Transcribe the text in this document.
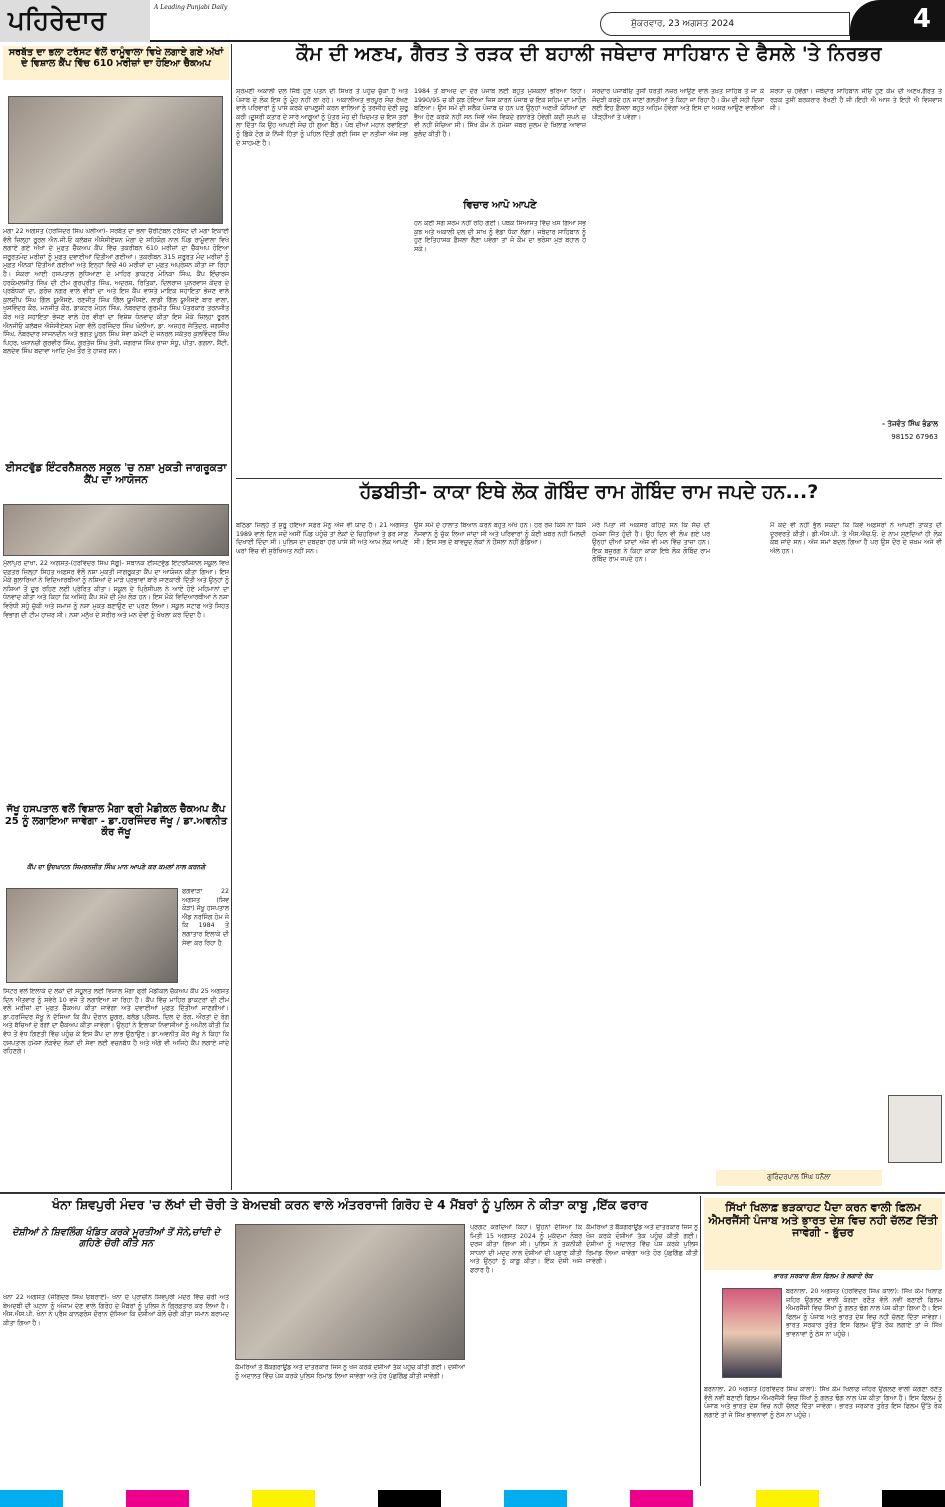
ਪਹਿਰੇਦਾਰ	A Leading Punjabi Daily
ਸ਼ੁੱਕਰਵਾਰ, 23 ਅਗਸਤ 2024	4
ਸਰਬੱਤ ਦਾ ਭਲਾ ਟਰੱਸਟ ਵੱਲੋਂ ਰਾਮੂੰਵਾਲਾ ਵਿਖੇ ਲਗਾਏ ਗਏ ਅੱਖਾਂ ਦੇ ਵਿਸ਼ਾਲ ਕੈਂਪ ਵਿੱਚ 610 ਮਰੀਜ਼ਾਂ ਦਾ ਹੋਇਆ ਚੈੱਕਅਪ
ਮੋਗਾ 22 ਅਗਸਤ (ਹਰਜਿੰਦਰ ਸਿੰਘ ਘੋਲੀਆ)- ਸਰਬੱਤ ਦਾ ਭਲਾ ਚੈਰੀਟੇਬਲ ਟਰੱਸਟ ਦੀ ਮੋਗਾ ਇਕਾਈ ਵੱਲੋਂ ਜ਼ਿਲ੍ਹਾ ਰੂਰਲ ਐਨ.ਜੀ.ਓ ਕਲੱਬਜ਼ ਐਸੋਸੀਏਸ਼ਨ ਮੋਗਾ ਦੇ ਸਹਿਯੋਗ ਨਾਲ ਪਿੰਡ ਰਾਮੂੰਵਾਲਾ ਵਿਖੇ ਲਗਾਏ ਗਏ ਅੱਖਾਂ ਦੇ ਮੁਫ਼ਤ ਚੈੱਕਅਪ ਕੈਂਪ ਵਿੱਚ ਤਕਰੀਬਨ 610 ਮਰੀਜ਼ਾਂ ਦਾ ਚੈੱਕਅਪ ਹੋਇਆ ਜ਼ਰੂਰਤਮੰਦ ਮਰੀਜ਼ਾਂ ਨੂੰ ਮੁਫ਼ਤ ਦਵਾਈਆਂ ਦਿੱਤੀਆਂ ਗਈਆਂ। ਤਕਰੀਬਨ 315 ਜ਼ਰੂਰਤ ਮੰਦ ਮਰੀਜ਼ਾਂ ਨੂੰ ਮੁਫ਼ਤ ਐਨਕਾਂ ਦਿੱਤੀਆਂ ਗਈਆਂ ਅਤੇ ਇਨ੍ਹਾਂ ਵਿਚੋਂ 40 ਮਰੀਜ਼ਾਂ ਦਾ ਮੁਫ਼ਤ ਅਪ੍ਰੇਸ਼ਨ ਕੀਤਾ ਜਾ ਰਿਹਾ ਹੈ। ਸ਼ੰਕਰਾ ਆਈ ਹਸਪਤਾਲ ਲੁਧਿਆਣਾ ਦੇ ਮਾਹਿਰ ਡਾਕਟਰ ਮੋਨਿਕਾ ਸਿੰਘ, ਕੈਂਪ ਇੰਚਾਰਜ ਹਰਕੰਮਲਜੀਤ ਸਿੰਘ ਦੀ ਟੀਮ ਗੁਰਪ੍ਰੀਤ ਸਿੰਘ, ਅਦਰਸ਼, ਰਿਤਿਕਾ, ਦਿਲਰਾਜ ਪੁਨਰਵਾਸ ਕੇਂਦਰ ਦੇ ਪ੍ਰਬੰਧਕਾਂ ਦਾ, ਫ਼ਰੋਜ਼ ਨਗਰ ਵਾਲੇ ਵੀਰਾਂ ਦਾ ਅਤੇ ਇਸ ਕੈਂਪ ਵਾਸਤੇ ਮਾਇਕ ਸਹਾਇਤਾ ਭੇਜਣ ਵਾਲੇ ਕੁਲਦੀਪ ਸਿੰਘ ਗਿੱਲ ਯੂਐਸਏ, ਰਣਜੀਤ ਸਿੰਘ ਗਿੱਲ ਯੂਐਸਏ, ਲਾਡੀ ਗਿੱਲ ਯੂਐਸਏ ਬਾਰ ਵਾਲਾ, ਖੁਸ਼ਵਿੰਦਰ ਕੌਰ, ਮਨਜੀਤ ਕੌਰ, ਡਾਕਟਰ ਮੋਹਨ ਸਿੰਘ, ਨੰਬਰਦਾਰ ਗੁਰਮੀਤ ਸਿੰਘ ਪੱਤਰਕਾਰ ਤਰਨਜੀਤ ਕੌਰ ਅਤੇ ਸਹਾਇਤਾ ਭੇਜਣ ਵਾਲੇ ਹੋਰ ਵੀਰਾਂ ਦਾ ਵਿਸ਼ੇਸ਼ ਧੰਨਵਾਦ ਕੀਤਾ ਇਸ ਮੌਕੇ ਜ਼ਿਲ੍ਹਾ ਰੂਰਲ ਐਨਜੀਓ ਕਲੱਬਜ਼ ਐਸੋਸੀਏਸ਼ਨ ਮੋਗਾ ਵੱਲੋਂ ਹਰਜਿੰਦਰ ਸਿੰਘ ਘੋਲੀਆ, ਡਾ. ਅਜ਼ਹਰ ਜੱਤਿੰਦਰ, ਜਗਸੀਰ ਸਿੰਘ, ਨੰਬਰਦਾਰ ਸਾਜਨਦੀਨ ਅਤੇ ਭਗਤ ਪੂਰਨ ਸਿੰਘ ਸੇਵਾ ਕਮੇਟੀ ਦੇ ਜਨਰਲ ਸਕੱਤਰ ਕੁਲਵਿੰਦਰ ਸਿੰਘ ਪਿਹਰ, ਖਜ਼ਾਨਚੀ ਗੁਰਵੀਰ ਸਿੰਘ, ਗੁਰਤੇਜ ਸਿੰਘ ਤੇਜੀ, ਜਗਰਾਜ ਸਿੰਘ ਰਾਜਾ ਸੰਧੂ, ਪੀਤਾ, ਗਗਨਾ, ਸ਼ੈਂਟੀ, ਬਲਦੇਵ ਸਿੰਘ ਬਦਾਵਾ ਆਦਿ ਮੁੱਖ ਤੌਰ ਤੇ ਹਾਜ਼ਰ ਸਨ।
ਈਸਟਵੁੱਡ ਇੰਟਰਨੈਸ਼ਨਲ ਸਕੂਲ 'ਚ ਨਸ਼ਾ ਮੁਕਤੀ ਜਾਗਰੂਕਤਾ ਕੈਂਪ ਦਾ ਆਯੋਜਨ
ਮੁੱਲਾਂਪੁਰ ਦਾਖਾ, 22 ਅਗਸਤ-(ਹਰਵਿੰਦਰ ਸਿੰਘ ਸੱਗੂ)- ਸਥਾਨਕ ਈਸਟਵੁੱਡ ਇੰਟਰਨੈਸ਼ਨਲ ਸਕੂਲ ਵਿਖੇ ਦਫ਼ਤਰ ਜ਼ਿਲ੍ਹਾ ਸਿਹਤ ਅਫ਼ਸਰ ਵੱਲੋਂ ਨਸ਼ਾ ਮੁਕਤੀ ਜਾਗਰੂਕਤਾ ਕੈਂਪ ਦਾ ਆਯੋਜਨ ਕੀਤਾ ਗਿਆ। ਇਸ ਮੌਕੇ ਬੁਲਾਰਿਆਂ ਨੇ ਵਿਦਿਆਰਥੀਆਂ ਨੂੰ ਨਸ਼ਿਆਂ ਦੇ ਮਾੜੇ ਪ੍ਰਭਾਵਾਂ ਬਾਰੇ ਜਾਣਕਾਰੀ ਦਿੱਤੀ ਅਤੇ ਉਨ੍ਹਾਂ ਨੂੰ ਨਸ਼ਿਆਂ ਤੋਂ ਦੂਰ ਰਹਿਣ ਲਈ ਪ੍ਰੇਰਿਤ ਕੀਤਾ। ਸਕੂਲ ਦੇ ਪ੍ਰਿੰਸੀਪਲ ਨੇ ਆਏ ਹੋਏ ਮਹਿਮਾਨਾਂ ਦਾ ਧੰਨਵਾਦ ਕੀਤਾ ਅਤੇ ਕਿਹਾ ਕਿ ਅਜਿਹੇ ਕੈਂਪ ਸਮੇਂ ਦੀ ਮੁੱਖ ਲੋੜ ਹਨ। ਇਸ ਮੌਕੇ ਵਿਦਿਆਰਥੀਆਂ ਨੇ ਨਸ਼ਾ ਵਿਰੋਧੀ ਸਹੁੰ ਚੁੱਕੀ ਅਤੇ ਸਮਾਜ ਨੂੰ ਨਸ਼ਾ ਮੁਕਤ ਬਣਾਉਣ ਦਾ ਪ੍ਰਣ ਲਿਆ। ਸਕੂਲ ਸਟਾਫ ਅਤੇ ਸਿਹਤ ਵਿਭਾਗ ਦੀ ਟੀਮ ਹਾਜ਼ਰ ਸੀ। ਨਸ਼ਾ ਮਨੁੱਖ ਦੇ ਸਰੀਰ ਅਤੇ ਮਨ ਦੋਵਾਂ ਨੂੰ ਖੋਖਲਾ ਕਰ ਦਿੰਦਾ ਹੈ।
ਜੱਖੂ ਹਸਪਤਾਲ ਵਲੋਂ ਵਿਸ਼ਾਲ ਮੈਗਾ ਫ੍ਰੀ ਮੈਡੀਕਲ ਚੈੱਕਅਪ ਕੈਂਪ 25 ਨੂੰ ਲਗਾਇਆ ਜਾਵੇਗਾ - ਡਾ.ਹਰਜਿੰਦਰ ਜੱਖੂ / ਡਾ.ਅਵਨੀਤ ਕੌਰ ਜੱਖੂ
ਕੈਂਪ ਦਾ ਉਦਘਾਟਨ ਸਿਮਰਨਜੀਤ ਸਿੰਘ ਮਾਨ ਆਪਣੇ ਕਰ ਕਮਲਾਂ ਨਾਲ ਕਰਨਗੇ
ਫਗਵਾੜਾ 22 ਅਗਸਤ (ਸ਼ਿਵ ਕੋੜਾ) ਜੱਖੂ ਹਸਪਤਾਲ ਐਂਡ ਨਰਸਿੰਗ ਹੋਮ ਜੋ ਕਿ 1984 ਤੋਂ ਲਗਾਤਾਰ ਇਲਾਕੇ ਦੀ ਸੇਵਾ ਕਰ ਰਿਹਾ ਹੈ
ਸਿਟਰ ਵਲੋਂ ਇਲਾਕੇ ਦੇ ਲੋਕਾਂ ਦੀ ਸਹੂਲਤ ਲਈ ਵਿਸ਼ਾਲ ਮੈਗਾ ਫ੍ਰੀ ਮੈਡੀਕਲ ਚੈੱਕਅਪ ਕੈਂਪ 25 ਅਗਸਤ ਦਿਨ ਐਤਵਾਰ ਨੂੰ ਸਵੇਰੇ 10 ਵਜੇ ਤੋਂ ਲਗਾਇਆ ਜਾ ਰਿਹਾ ਹੈ। ਕੈਂਪ ਵਿੱਚ ਮਾਹਿਰ ਡਾਕਟਰਾਂ ਦੀ ਟੀਮ ਵਲੋਂ ਮਰੀਜ਼ਾਂ ਦਾ ਮੁਫ਼ਤ ਚੈੱਕਅਪ ਕੀਤਾ ਜਾਵੇਗਾ ਅਤੇ ਦਵਾਈਆਂ ਮੁਫ਼ਤ ਦਿੱਤੀਆਂ ਜਾਣਗੀਆਂ। ਡਾ.ਹਰਜਿੰਦਰ ਜੱਖੂ ਨੇ ਦੱਸਿਆ ਕਿ ਕੈਂਪ ਦੌਰਾਨ ਸ਼ੂਗਰ, ਬਲੱਡ ਪ੍ਰੈਸ਼ਰ, ਦਿਲ ਦੇ ਰੋਗ, ਔਰਤਾਂ ਦੇ ਰੋਗ ਅਤੇ ਬੱਚਿਆਂ ਦੇ ਰੋਗਾਂ ਦਾ ਚੈੱਕਅਪ ਕੀਤਾ ਜਾਵੇਗਾ। ਉਨ੍ਹਾਂ ਨੇ ਇਲਾਕਾ ਨਿਵਾਸੀਆਂ ਨੂੰ ਅਪੀਲ ਕੀਤੀ ਕਿ ਵੱਧ ਤੋਂ ਵੱਧ ਗਿਣਤੀ ਵਿੱਚ ਪਹੁੰਚ ਕੇ ਇਸ ਕੈਂਪ ਦਾ ਲਾਭ ਉਠਾਉਣ। ਡਾ.ਅਵਨੀਤ ਕੌਰ ਜੱਖੂ ਨੇ ਕਿਹਾ ਕਿ ਹਸਪਤਾਲ ਹਮੇਸ਼ਾ ਲੋੜਵੰਦ ਲੋਕਾਂ ਦੀ ਸੇਵਾ ਲਈ ਵਚਨਬੱਧ ਹੈ ਅਤੇ ਅੱਗੇ ਵੀ ਅਜਿਹੇ ਕੈਂਪ ਲਗਾਏ ਜਾਂਦੇ ਰਹਿਣਗੇ।
ਕੌਮ ਦੀ ਅਣਖ, ਗੈਰਤ ਤੇ ਰੜਕ ਦੀ ਬਹਾਲੀ ਜਥੇਦਾਰ ਸਾਹਿਬਾਨ ਦੇ ਫੈਸਲੇ 'ਤੇ ਨਿਰਭਰ
ਸ਼੍ਰੋਮਣੀ ਅਕਾਲੀ ਦਲ ਜਿੱਥੇ ਹੁਣ ਪਤਨ ਦੀ ਸਿਖਰ ਤੇ ਪਹੁੰਚ ਚੁੱਕਾ ਹੈ ਅਤੇ ਪੰਜਾਬ ਦੇ ਲੋਕ ਇਸ ਨੂੰ ਮੂੰਹ ਨਹੀਂ ਲਾ ਰਹੇ। ਅਕਾਲੀਅਤ ਭਰਪੂਰ ਸੋਚ ਰੱਖਣ ਵਾਲੇ ਪਰਿਵਾਰਾਂ ਨੂੰ ਪਾਸੇ ਕਰਕੇ ਚਾਪਲੂਸੀ ਕਰਨ ਵਾਲਿਆਂ ਨੂੰ ਤਰਜੀਹ ਦੇਣੀ ਸ਼ੁਰੂ ਕਰੀ।ਦੂਸਰੀ ਕਤਾਰ ਦੇ ਸਾਰੇ ਆਗੂਆਂ ਨੂੰ ਪੁੱਤਰ ਮੋਹ ਦੀ ਖ਼ਿਦਮਤ ਚ ਇਸ ਤਰਾਂ ਲਾ ਦਿੱਤਾ ਕਿ ਉਹ ਆਪਣੀ ਸੋਚ ਹੀ ਗੁਆ ਬੈਠੇ। ਪੰਥ ਦੀਆਂ ਮਹਾਨ ਰਵਾਇਤਾਂ ਨੂੰ ਛਿੱਕੇ ਟੰਗ ਕੇ ਨਿੱਜੀ ਹਿੱਤਾਂ ਨੂੰ ਪਹਿਲ ਦਿੱਤੀ ਗਈ ਜਿਸ ਦਾ ਨਤੀਜਾ ਅੱਜ ਸਭ ਦੇ ਸਾਹਮਣੇ ਹੈ।
1984 ਤੋਂ ਬਾਅਦ ਦਾ ਦੌਰ ਪੰਜਾਬ ਲਈ ਬਹੁਤ ਮੁਸ਼ਕਲਾਂ ਭਰਿਆ ਰਿਹਾ। 1990/95 ਚ ਕੀ ਕੁਝ ਹੋਇਆ ਜਿਸ ਕਾਰਨ ਪੰਜਾਬ ਚ ਇਕ ਸਹਿਮ ਦਾ ਮਾਹੌਲ ਬਣਿਆ। ਉਸ ਸਮੇਂ ਦੀ ਸਲੈਕ ਪੰਜਾਬ ਚ ਹਨ ਪਰ ਉਨ੍ਹਾਂ ਅਣਖੀ ਯੋਧਿਆਂ ਦਾ ਭੈਅ ਹੋਣ ਕਰਕੇ ਨਹੀਂ ਸਨ ਜਿਵੇਂ ਅੱਜ ਵਿਕਦੇ ਗਨਾਰੇਤੇ ਹੋਵੇਗੀ ਕਦੀ ਸੁਪਨੇ ਚ ਵੀ ਨਹੀਂ ਸੋਚਿਆ ਸੀ। ਸਿੱਖ ਕੌਮ ਨੇ ਹਮੇਸ਼ਾ ਜਬਰ ਜ਼ੁਲਮ ਦੇ ਖ਼ਿਲਾਫ਼ ਆਵਾਜ਼ ਬੁਲੰਦ ਕੀਤੀ ਹੈ।
ਵਿਚਾਰ ਆਪੋ ਆਪਣੇ
ਹਨ ਕੋਈ ਸੰਗ ਸ਼ਰਮ ਨਹੀਂ ਰਹਿ ਗਈ। ਪੰਥਕ ਸਿਆਸਤ ਵਿੱਚ ਖਸ ਗਿਆ ਸਭ ਕੁਝ ਅਤੇ ਅਕਾਲੀ ਦਲ ਦੀ ਸਾਖ ਨੂੰ ਵੱਡਾ ਧੱਕਾ ਲੱਗਾ। ਜਥੇਦਾਰ ਸਾਹਿਬਾਨ ਨੂੰ ਹੁਣ ਇਤਿਹਾਸਕ ਫ਼ੈਸਲਾ ਲੈਣਾ ਪਵੇਗਾ ਤਾਂ ਜੋ ਕੌਮ ਦਾ ਭਰੋਸਾ ਮੁੜ ਬਹਾਲ ਹੋ ਸਕੇ।
ਸਰਦਾਰ ਪੰਜਾਬੀਓ ਤੁਸੀਂ ਧਰਤੀ ਨਜ਼ਰ ਆਉਣ ਵਾਲੇ ਤਖ਼ਤ ਸਾਹਿਬ ਤੇ ਜਾ ਕੇ ਜੋਦੜੀ ਕਰਦੇ ਹਨ ਜਾਣਾਂ ਗਲਤੀਆਂ ਤੇ ਕਿਹਾ ਜਾ ਰਿਹਾ ਹੈ। ਕੌਮ ਦੀ ਸਹੀ ਦਿਸ਼ਾ ਲਈ ਇਹ ਫ਼ੈਸਲਾ ਬਹੁਤ ਅਹਿਮ ਹੋਵੇਗਾ ਅਤੇ ਇਸ ਦਾ ਅਸਰ ਆਉਣ ਵਾਲੀਆਂ ਪੀੜ੍ਹੀਆਂ ਤੇ ਪਵੇਗਾ।
ਸ਼ਰਧਾ ਚ ਹੋਵੇਂਗਾ। ਜਥੇਦਾਰ ਸਾਹਿਬਾਨ ਜੀਓ ਹੁਣ ਕੌਮ ਦੀ ਅਣਖ,ਗੈਰਤ ਤੇ ਰੜਕ ਤੁਸੀਂ ਬਰਕਰਾਰ ਰੱਖਣੀ ਹੈ ਜੀ।ਇਹੀ ਐ ਆਸ ਤੇ ਇਹੀ ਐ ਵਿਸ਼ਵਾਸ ਜੀ।
- ਤੇਜਵੰਤ ਸਿੰਘ ਭੰਡਾਲ
98152 67963
ਹੱਡਬੀਤੀ- ਕਾਕਾ ਇਥੇ ਲੋਕ ਗੋਬਿੰਦ ਰਾਮ ਗੋਬਿੰਦ ਰਾਮ ਜਪਦੇ ਹਨ...?
ਬਠਿੰਡਾ ਜ਼ਿਲ੍ਹੇ ਤੋਂ ਸ਼ੁਰੂ ਹੋਇਆ ਸਫ਼ਰ ਮੈਨੂੰ ਅੱਜ ਵੀ ਯਾਦ ਹੈ। 21 ਅਗਸਤ 1989 ਵਾਲੇ ਦਿਨ ਜਦੋਂ ਅਸੀਂ ਪਿੰਡ ਪਹੁੰਚੇ ਤਾਂ ਲੋਕਾਂ ਦੇ ਚਿਹਰਿਆਂ ਤੇ ਡਰ ਸਾਫ਼ ਦਿਖਾਈ ਦਿੰਦਾ ਸੀ। ਪੁਲਿਸ ਦਾ ਦਬਦਬਾ ਹਰ ਪਾਸੇ ਸੀ ਅਤੇ ਆਮ ਲੋਕ ਆਪਣੇ ਘਰਾਂ ਵਿੱਚ ਵੀ ਸੁਰੱਖਿਅਤ ਨਹੀਂ ਸਨ।
ਉਸ ਸਮੇਂ ਦੇ ਹਾਲਾਤ ਬਿਆਨ ਕਰਨੇ ਬਹੁਤ ਔਖੇ ਹਨ। ਹਰ ਰੋਜ਼ ਕਿਸੇ ਨਾ ਕਿਸੇ ਨੌਜਵਾਨ ਨੂੰ ਚੁੱਕ ਲਿਆ ਜਾਂਦਾ ਸੀ ਅਤੇ ਪਰਿਵਾਰਾਂ ਨੂੰ ਕੋਈ ਖ਼ਬਰ ਨਹੀਂ ਮਿਲਦੀ ਸੀ। ਇਸ ਸਭ ਦੇ ਬਾਵਜੂਦ ਲੋਕਾਂ ਨੇ ਹੌਂਸਲਾ ਨਹੀਂ ਛੱਡਿਆ।
ਮੇਰੇ ਪਿਤਾ ਜੀ ਅਕਸਰ ਕਹਿੰਦੇ ਸਨ ਕਿ ਸੱਚ ਦੀ ਹਮੇਸ਼ਾ ਜਿੱਤ ਹੁੰਦੀ ਹੈ। ਉਹ ਦਿਨ ਵੀ ਲੰਘ ਗਏ ਪਰ ਉਨ੍ਹਾਂ ਦੀਆਂ ਯਾਦਾਂ ਅੱਜ ਵੀ ਮਨ ਵਿੱਚ ਤਾਜ਼ਾ ਹਨ। ਇਕ ਬਜ਼ੁਰਗ ਨੇ ਕਿਹਾ ਕਾਕਾ ਇਥੇ ਲੋਕ ਗੋਬਿੰਦ ਰਾਮ ਗੋਬਿੰਦ ਰਾਮ ਜਪਦੇ ਹਨ।
ਮੈਂ ਕਦੇ ਵੀ ਨਹੀਂ ਭੁੱਲ ਸਕਦਾ ਕਿ ਕਿਵੇਂ ਅਫ਼ਸਰਾਂ ਨੇ ਆਪਣੀ ਤਾਕਤ ਦੀ ਦੁਰਵਰਤੋਂ ਕੀਤੀ। ਡੀ.ਐਸ.ਪੀ. ਤੇ ਐਸ.ਐਚ.ਓ. ਦੇ ਨਾਮ ਸੁਣਦਿਆਂ ਹੀ ਲੋਕ ਕੰਬ ਜਾਂਦੇ ਸਨ। ਅੱਜ ਸਮਾਂ ਬਦਲ ਗਿਆ ਹੈ ਪਰ ਉਸ ਦੌਰ ਦੇ ਜ਼ਖ਼ਮ ਅਜੇ ਵੀ ਅੱਲੇ ਹਨ।
ਗੁਰਿੰਦਰਪਾਲ ਸਿੰਘ ਧਨੌਲਾ
ਖੰਨਾ ਸ਼ਿਵਪੁਰੀ ਮੰਦਰ 'ਚ ਲੱਖਾਂ ਦੀ ਚੋਰੀ ਤੇ ਬੇਅਦਬੀ ਕਰਨ ਵਾਲੇ ਅੰਤਰਰਾਜੀ ਗਿਰੋਹ ਦੇ 4 ਮੈਂਬਰਾਂ ਨੂੰ ਪੁਲਿਸ ਨੇ ਕੀਤਾ ਕਾਬੂ ,ਇੱਕ ਫਰਾਰ
ਦੋਸ਼ੀਆਂ ਨੇ ਸ਼ਿਵਲਿੰਗ ਖੰਡਿਤ ਕਰਕੇ ਮੂਰਤੀਆਂ ਤੋਂ ਸੋਨੇ,ਚਾਂਦੀ ਦੇ ਗਹਿਣੇ ਚੋਰੀ ਕੀਤੇ ਸਨ
ਖੰਨਾ 22 ਅਗਸਤ (ਜੋਗਿੰਦਰ ਸਿੰਘ ਓਬਰਾਏ)- ਖੰਨਾ ਦੇ ਪ੍ਰਾਚੀਨ ਸ਼ਿਵਪੁਰੀ ਮੰਦਰ ਵਿੱਚ ਚੋਰੀ ਅਤੇ ਬੇਅਦਬੀ ਦੀ ਘਟਨਾ ਨੂੰ ਅੰਜਾਮ ਦੇਣ ਵਾਲੇ ਗਿਰੋਹ ਦੇ ਮੈਂਬਰਾਂ ਨੂੰ ਪੁਲਿਸ ਨੇ ਗ੍ਰਿਫ਼ਤਾਰ ਕਰ ਲਿਆ ਹੈ। ਐਸ.ਐਸ.ਪੀ. ਖੰਨਾ ਨੇ ਪ੍ਰੈਸ ਕਾਨਫਰੰਸ ਦੌਰਾਨ ਦੱਸਿਆ ਕਿ ਦੋਸ਼ੀਆਂ ਕੋਲੋਂ ਚੋਰੀ ਕੀਤਾ ਸਮਾਨ ਬਰਾਮਦ ਕੀਤਾ ਗਿਆ ਹੈ।
ਕੈਮਰਿਆਂ ਤੇ ਬੈਂਕਗਰਾਊਂਡ ਅਤੇ ਦਾਤਰਕਾਰ ਜਿਸ ਨੂੰ ਖੋਜ ਕਰਕੇ ਦੋਸ਼ੀਆਂ ਤੱਕ ਪਹੁੰਚ ਕੀਤੀ ਗਈ। ਦੋਸ਼ੀਆਂ ਨੂੰ ਅਦਾਲਤ ਵਿੱਚ ਪੇਸ਼ ਕਰਕੇ ਪੁਲਿਸ ਰਿਮਾਂਡ ਲਿਆ ਜਾਵੇਗਾ ਅਤੇ ਹੋਰ ਪੁੱਛਗਿੱਛ ਕੀਤੀ ਜਾਵੇਗੀ।
ਪ੍ਰਗਟ ਕਰਦਿਆਂ ਕਿਹਾ। ਉਹਨਾਂ ਦੱਸਿਆ ਕਿ ਮਿਤੀ 15 ਅਗਸਤ 2024 ਨੂੰ ਮੁਕੱਦਮਾ ਨੰਬਰ ਦਰਜ ਕੀਤਾ ਗਿਆ ਸੀ। ਪੁਲਿਸ ਨੇ ਤਕਨੀਕੀ ਸਾਧਨਾਂ ਦੀ ਮਦਦ ਨਾਲ ਦੋਸ਼ੀਆਂ ਦੀ ਪਛਾਣ ਕੀਤੀ ਅਤੇ ਉਨ੍ਹਾਂ ਨੂੰ ਕਾਬੂ ਕੀਤਾ। ਇੱਕ ਦੋਸ਼ੀ ਅਜੇ ਫਰਾਰ ਹੈ।
ਕੈਮਰਿਆਂ ਤੇ ਬੈਂਕਗਰਾਊਂਡ ਅਤੇ ਦਾਤਰਕਾਰ ਜਿਸ ਨੂੰ ਖੋਜ ਕਰਕੇ ਦੋਸ਼ੀਆਂ ਤੱਕ ਪਹੁੰਚ ਕੀਤੀ ਗਈ। ਦੋਸ਼ੀਆਂ ਨੂੰ ਅਦਾਲਤ ਵਿੱਚ ਪੇਸ਼ ਕਰਕੇ ਪੁਲਿਸ ਰਿਮਾਂਡ ਲਿਆ ਜਾਵੇਗਾ ਅਤੇ ਹੋਰ ਪੁੱਛਗਿੱਛ ਕੀਤੀ ਜਾਵੇਗੀ।
ਸਿੱਖਾਂ ਖਿਲਾਫ਼ ਭੜਕਾਹਟ ਪੈਦਾ ਕਰਨ ਵਾਲੀ ਫਿਲਮ ਐਮਰਜੈਂਸੀ ਪੰਜਾਬ ਅਤੇ ਭਾਰਤ ਦੇਸ਼ ਵਿਚ ਨਹੀ ਚੱਲਣ ਦਿੱਤੀ ਜਾਵੇਗੀ - ਭੁੱਚਰ
ਭਾਰਤ ਸਰਕਾਰ ਇਸ ਫਿਲਮ ਤੇ ਲਗਾਏ ਰੋਕ
ਬਰਨਾਲਾ, 20 ਅਗਸਤ (ਹਰਵਿੰਦਰ ਸਿੰਘ ਕਾਲਾ): ਸਿੱਖ ਕੌਮ ਖਿਲਾਫ਼ ਜ਼ਹਿਰ ਉਗਲਣ ਵਾਲੀ ਕੰਗਣਾ ਰਣੌਤ ਵੱਲੋਂ ਨਵੀਂ ਬਣਾਈ ਫਿਲਮ ਐਮਰਜੈਂਸੀ ਵਿਚ ਸਿੱਖਾਂ ਨੂੰ ਗਲਤ ਢੰਗ ਨਾਲ ਪੇਸ਼ ਕੀਤਾ ਗਿਆ ਹੈ। ਇਸ ਫਿਲਮ ਨੂੰ ਪੰਜਾਬ ਅਤੇ ਭਾਰਤ ਦੇਸ਼ ਵਿਚ ਨਹੀਂ ਚੱਲਣ ਦਿੱਤਾ ਜਾਵੇਗਾ। ਭਾਰਤ ਸਰਕਾਰ ਤੁਰੰਤ ਇਸ ਫਿਲਮ ਉੱਤੇ ਰੋਕ ਲਗਾਏ ਤਾਂ ਜੋ ਸਿੱਖ ਭਾਵਨਾਵਾਂ ਨੂੰ ਠੇਸ ਨਾ ਪਹੁੰਚੇ।
ਬਰਨਾਲਾ, 20 ਅਗਸਤ (ਹਰਵਿੰਦਰ ਸਿੰਘ ਕਾਲਾ): ਸਿੱਖ ਕੌਮ ਖਿਲਾਫ਼ ਜ਼ਹਿਰ ਉਗਲਣ ਵਾਲੀ ਕੰਗਣਾ ਰਣੌਤ ਵੱਲੋਂ ਨਵੀਂ ਬਣਾਈ ਫਿਲਮ ਐਮਰਜੈਂਸੀ ਵਿਚ ਸਿੱਖਾਂ ਨੂੰ ਗਲਤ ਢੰਗ ਨਾਲ ਪੇਸ਼ ਕੀਤਾ ਗਿਆ ਹੈ। ਇਸ ਫਿਲਮ ਨੂੰ ਪੰਜਾਬ ਅਤੇ ਭਾਰਤ ਦੇਸ਼ ਵਿਚ ਨਹੀਂ ਚੱਲਣ ਦਿੱਤਾ ਜਾਵੇਗਾ। ਭਾਰਤ ਸਰਕਾਰ ਤੁਰੰਤ ਇਸ ਫਿਲਮ ਉੱਤੇ ਰੋਕ ਲਗਾਏ ਤਾਂ ਜੋ ਸਿੱਖ ਭਾਵਨਾਵਾਂ ਨੂੰ ਠੇਸ ਨਾ ਪਹੁੰਚੇ।
